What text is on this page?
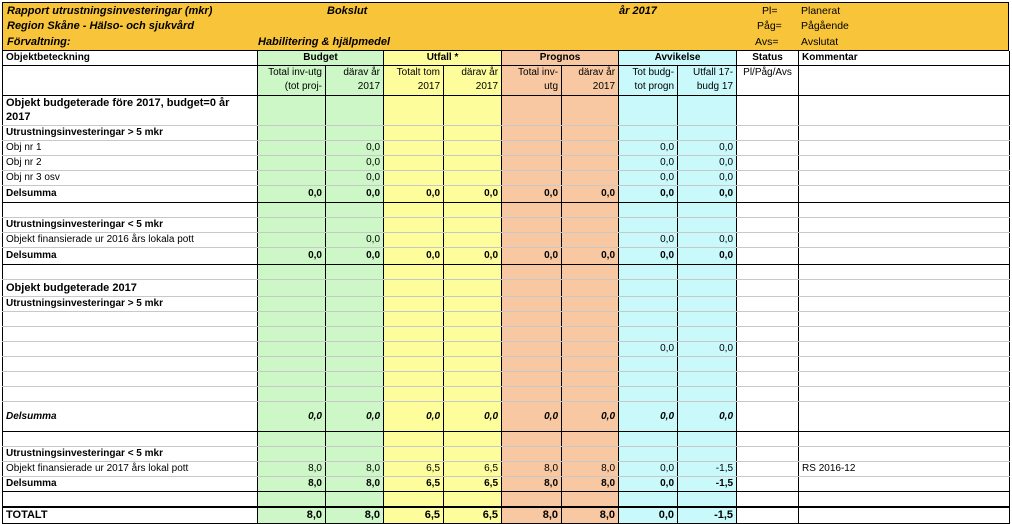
Rapport utrustningsinvesteringar (mkr)
Region Skåne - Hälso- och sjukvård
Förvaltning:	Habilitering & hjälpmedel
Bokslut	år 2017	Pl= Planerat
Påg= Pågående
Avs= Avslutat
Objektbeteckning	Budget		Utfall *		Prognos		Avvikelse		Status	Kommentar
	Total inv-utg (tot proj-	därav år 2017	Totalt tom 2017	därav år 2017	Total inv-utg	därav år 2017	Tot budg-tot progn	Utfall 17-budg 17	Pl/Påg/Avs	
Objekt budgeterade före 2017, budget=0 år 2017										
Utrustningsinvesteringar > 5 mkr										
Obj nr 1		0,0					0,0	0,0		
Obj nr 2		0,0					0,0	0,0		
Obj nr 3 osv		0,0					0,0	0,0		
Delsumma	0,0	0,0	0,0	0,0	0,0	0,0	0,0	0,0		

Utrustningsinvesteringar < 5 mkr										
Objekt finansierade ur 2016 års lokala pott		0,0					0,0	0,0		
Delsumma	0,0	0,0	0,0	0,0	0,0	0,0	0,0	0,0		

Objekt budgeterade 2017										
Utrustningsinvesteringar > 5 mkr										

							0,0	0,0		

Delsumma	0,0	0,0	0,0	0,0	0,0	0,0	0,0	0,0		

Utrustningsinvesteringar < 5 mkr										
Objekt finansierade ur 2017 års lokal pott	8,0	8,0	6,5	6,5	8,0	8,0	0,0	-1,5		RS 2016-12
Delsumma	8,0	8,0	6,5	6,5	8,0	8,0	0,0	-1,5		

TOTALT	8,0	8,0	6,5	6,5	8,0	8,0	0,0	-1,5		
